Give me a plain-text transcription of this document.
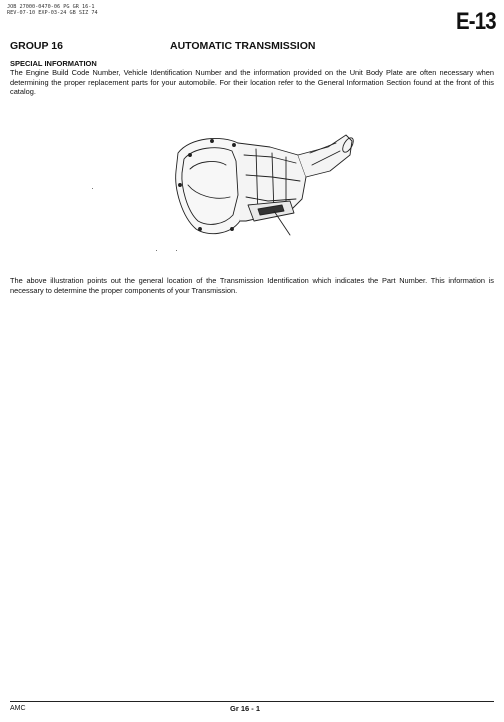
JOB 27000-0470-06 PG GR 16-1
REV-07-10 EXP-03-24 GB SIZ 74	E-13
GROUP 16	AUTOMATIC TRANSMISSION
SPECIAL INFORMATION
The Engine Build Code Number, Vehicle Identification Number and the information provided on the Unit Body Plate are often necessary when determining the proper replacement parts for your automobile. For their location refer to the General Information Section found at the front of this catalog.
The above illustration points out the general location of the Transmission Identification which indicates the Part Number. This information is necessary to determine the proper components of your Transmission.
AMC	Gr 16 - 1
